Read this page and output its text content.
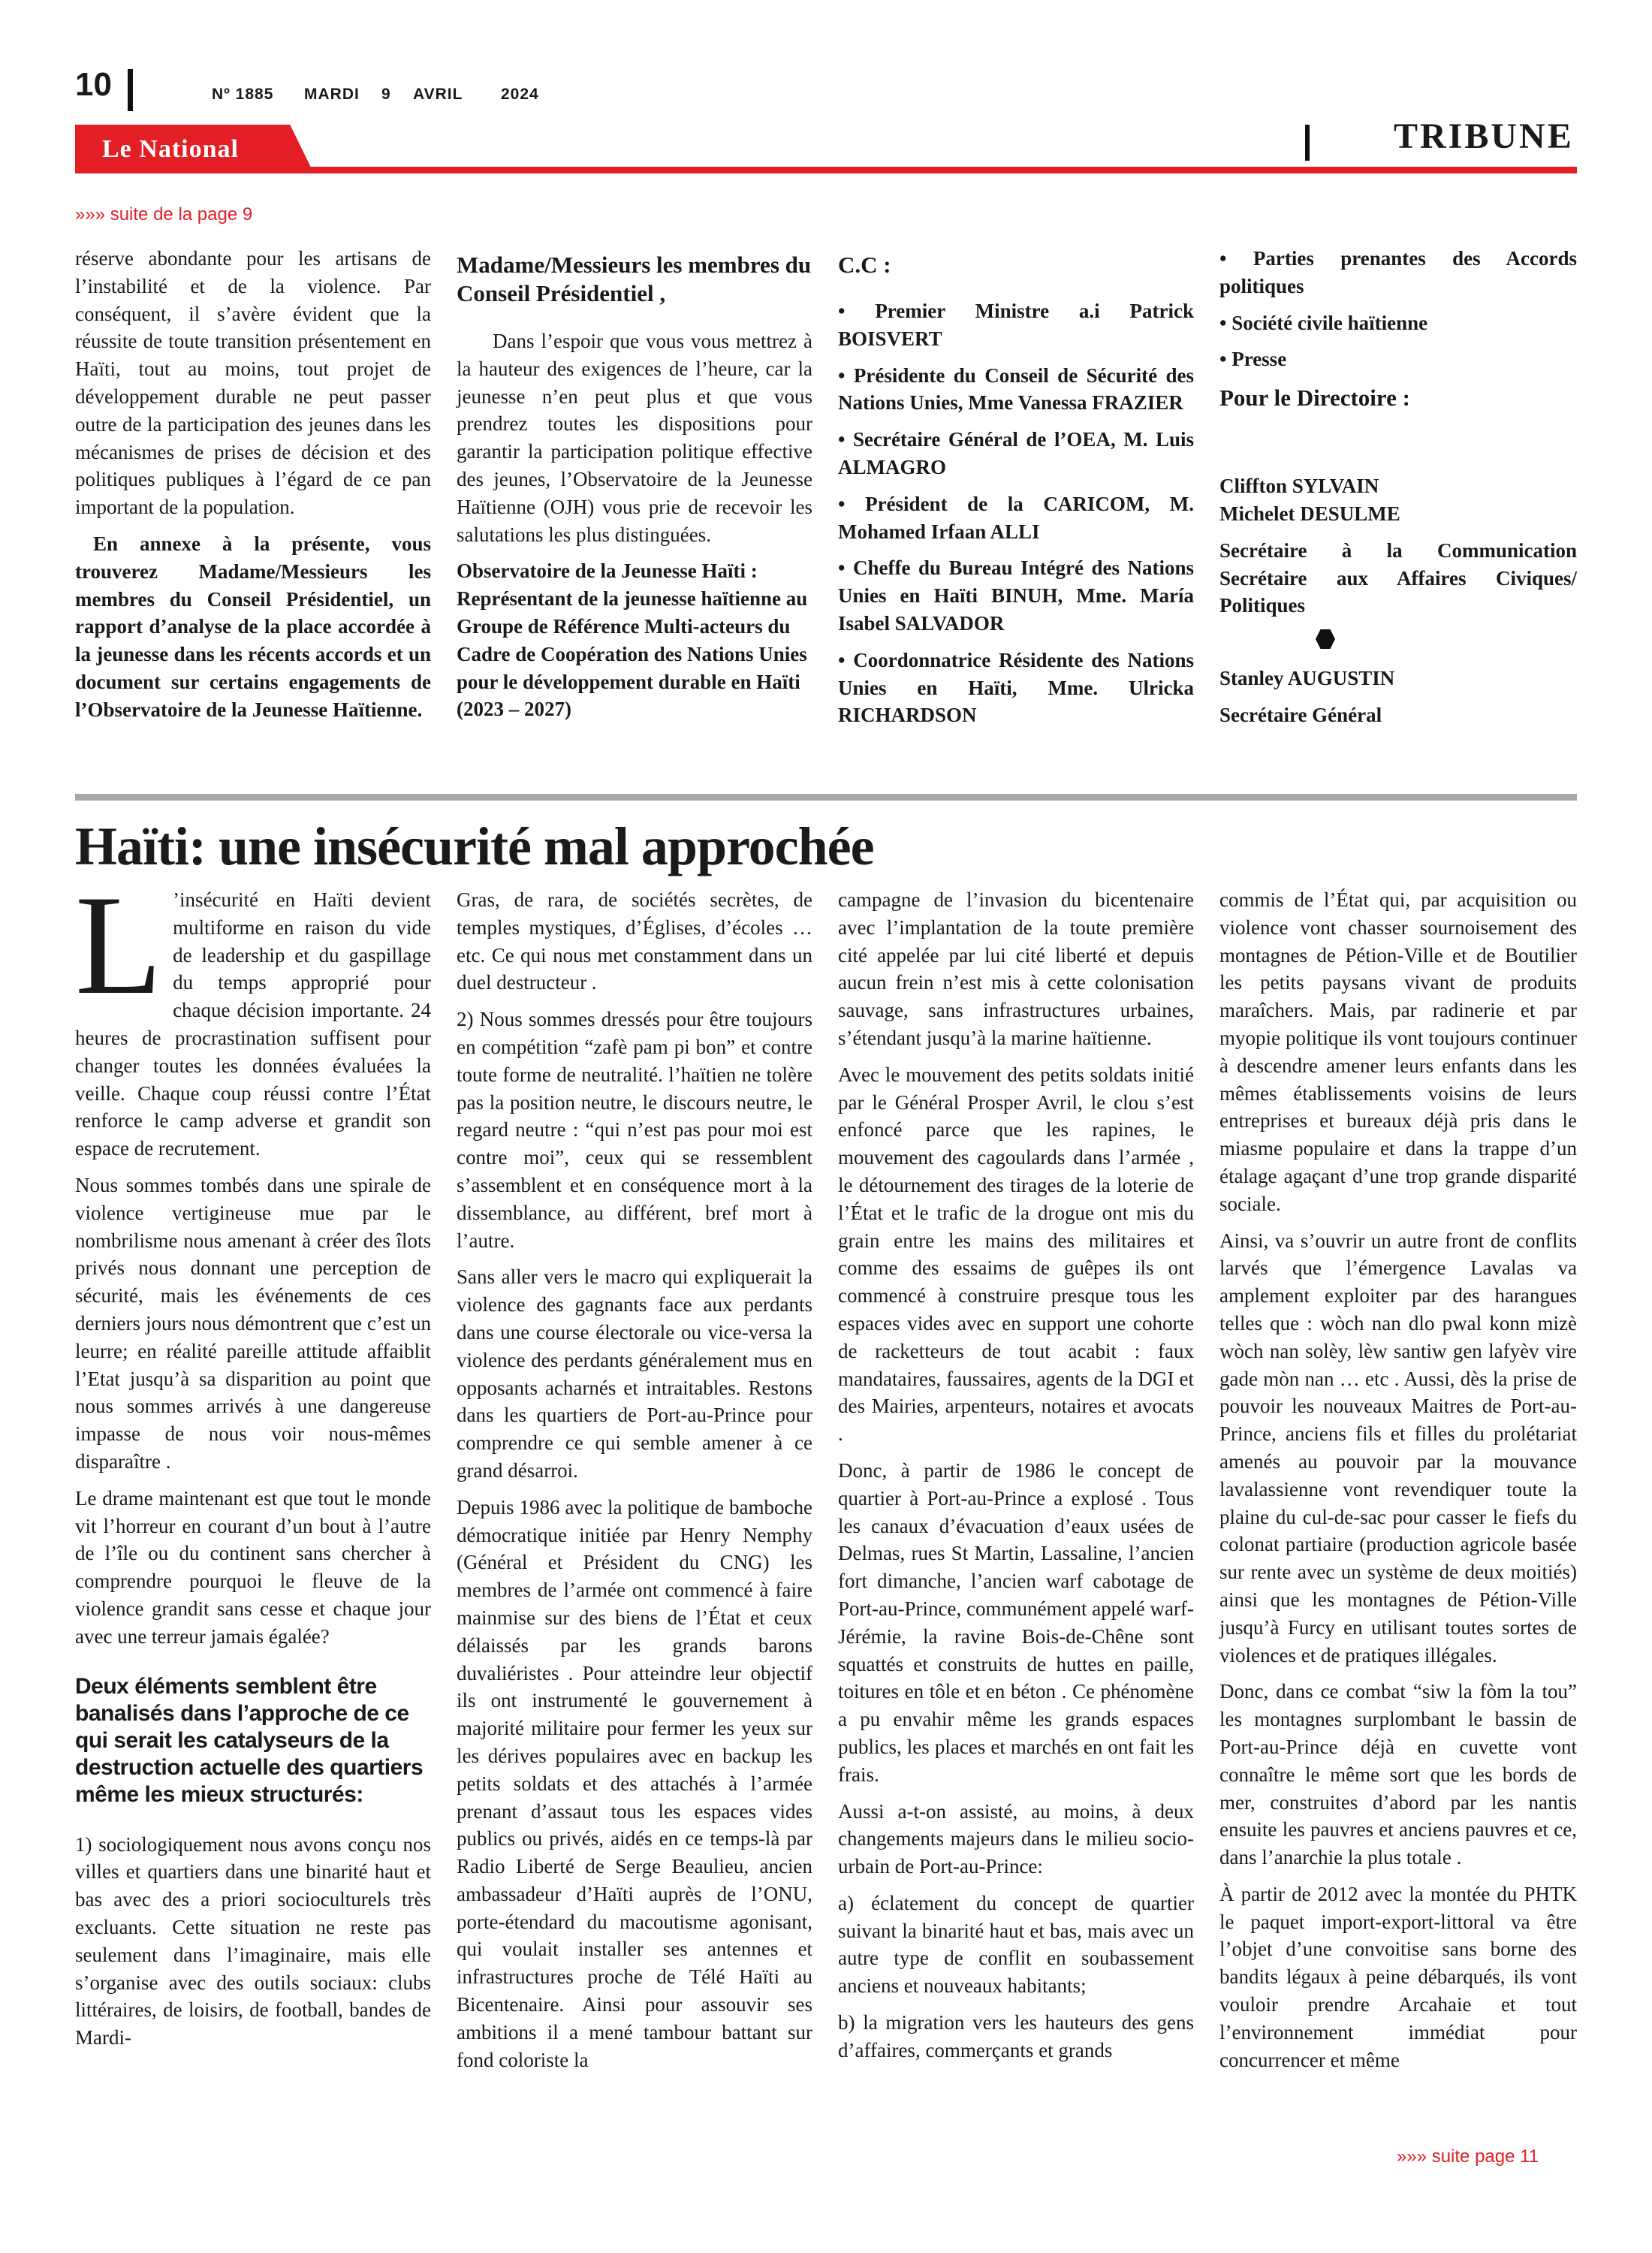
10	Nº 1885 MARDI 9 AVRIL 2024
Le National	TRIBUNE
»»» suite de la page 9

réserve abondante pour les artisans de l’instabilité et de la violence. Par conséquent, il s’avère évident que la réussite de toute transition présentement en Haïti, tout au moins, tout projet de développement durable ne peut passer outre de la participation des jeunes dans les mécanismes de prises de décision et des politiques publiques à l’égard de ce pan important de la population.

En annexe à la présente, vous trouverez Madame/Messieurs les membres du Conseil Présidentiel, un rapport d’analyse de la place accordée à la jeunesse dans les récents accords et un document sur certains engagements de l’Observatoire de la Jeunesse Haïtienne.

Madame/Messieurs les membres du Conseil Présidentiel ,

Dans l’espoir que vous vous mettrez à la hauteur des exigences de l’heure, car la jeunesse n’en peut plus et que vous prendrez toutes les dispositions pour garantir la participation politique effective des jeunes, l’Observatoire de la Jeunesse Haïtienne (OJH) vous prie de recevoir les salutations les plus distinguées.

Observatoire de la Jeunesse Haïti : Représentant de la jeunesse haïtienne au Groupe de Référence Multi-acteurs du Cadre de Coopération des Nations Unies pour le développement durable en Haïti (2023 – 2027)

C.C :
• Premier Ministre a.i Patrick BOISVERT
• Présidente du Conseil de Sécurité des Nations Unies, Mme Vanessa FRAZIER
• Secrétaire Général de l’OEA, M. Luis ALMAGRO
• Président de la CARICOM, M. Mohamed Irfaan ALLI
• Cheffe du Bureau Intégré des Nations Unies en Haïti BINUH, Mme. María Isabel SALVADOR
• Coordonnatrice Résidente des Nations Unies en Haïti, Mme. Ulricka RICHARDSON
• Parties prenantes des Accords politiques
• Société civile haïtienne
• Presse
Pour le Directoire :
Cliffton SYLVAIN
Michelet DESULME
Secrétaire à la Communication Secrétaire aux Affaires Civiques/ Politiques
Stanley AUGUSTIN
Secrétaire Général
Haïti: une insécurité mal approchée

L ’insécurité en Haïti devient multiforme en raison du vide de leadership et du gaspillage du temps approprié pour chaque décision importante. 24 heures de procrastination suffisent pour changer toutes les données évaluées la veille. Chaque coup réussi contre l’État renforce le camp adverse et grandit son espace de recrutement.

Nous sommes tombés dans une spirale de violence vertigineuse mue par le nombrilisme nous amenant à créer des îlots privés nous donnant une perception de sécurité, mais les événements de ces derniers jours nous démontrent que c’est un leurre; en réalité pareille attitude affaiblit l’Etat jusqu’à sa disparition au point que nous sommes arrivés à une dangereuse impasse de nous voir nous-mêmes disparaître .

Le drame maintenant est que tout le monde vit l’horreur en courant d’un bout à l’autre de l’île ou du continent sans chercher à comprendre pourquoi le fleuve de la violence grandit sans cesse et chaque jour avec une terreur jamais égalée?

Deux éléments semblent être banalisés dans l’approche de ce qui serait les catalyseurs de la destruction actuelle des quartiers même les mieux structurés:

1) sociologiquement nous avons conçu nos villes et quartiers dans une binarité haut et bas avec des a priori socioculturels très excluants. Cette situation ne reste pas seulement dans l’imaginaire, mais elle s’organise avec des outils sociaux: clubs littéraires, de loisirs, de football, bandes de Mardi-

Gras, de rara, de sociétés secrètes, de temples mystiques, d’Églises, d’écoles … etc. Ce qui nous met constamment dans un duel destructeur .

2) Nous sommes dressés pour être toujours en compétition “zafè pam pi bon” et contre toute forme de neutralité. l’haïtien ne tolère pas la position neutre, le discours neutre, le regard neutre : “qui n’est pas pour moi est contre moi”, ceux qui se ressemblent s’assemblent et en conséquence mort à la dissemblance, au différent, bref mort à l’autre.

Sans aller vers le macro qui expliquerait la violence des gagnants face aux perdants dans une course électorale ou vice-versa la violence des perdants généralement mus en opposants acharnés et intraitables. Restons dans les quartiers de Port-au-Prince pour comprendre ce qui semble amener à ce grand désarroi.

Depuis 1986 avec la politique de bamboche démocratique initiée par Henry Nemphy (Général et Président du CNG) les membres de l’armée ont commencé à faire mainmise sur des biens de l’État et ceux délaissés par les grands barons duvaliéristes . Pour atteindre leur objectif ils ont instrumenté le gouvernement à majorité militaire pour fermer les yeux sur les dérives populaires avec en backup les petits soldats et des attachés à l’armée prenant d’assaut tous les espaces vides publics ou privés, aidés en ce temps-là par Radio Liberté de Serge Beaulieu, ancien ambassadeur d’Haïti auprès de l’ONU, porte-étendard du macoutisme agonisant, qui voulait installer ses antennes et infrastructures proche de Télé Haïti au Bicentenaire. Ainsi pour assouvir ses ambitions il a mené tambour battant sur fond coloriste la

campagne de l’invasion du bicentenaire avec l’implantation de la toute première cité appelée par lui cité liberté et depuis aucun frein n’est mis à cette colonisation sauvage, sans infrastructures urbaines, s’étendant jusqu’à la marine haïtienne.

Avec le mouvement des petits soldats initié par le Général Prosper Avril, le clou s’est enfoncé parce que les rapines, le mouvement des cagoulards dans l’armée , le détournement des tirages de la loterie de l’État et le trafic de la drogue ont mis du grain entre les mains des militaires et comme des essaims de guêpes ils ont commencé à construire presque tous les espaces vides avec en support une cohorte de racketteurs de tout acabit : faux mandataires, faussaires, agents de la DGI et des Mairies, arpenteurs, notaires et avocats .

Donc, à partir de 1986 le concept de quartier à Port-au-Prince a explosé . Tous les canaux d’évacuation d’eaux usées de Delmas, rues St Martin, Lassaline, l’ancien fort dimanche, l’ancien warf cabotage de Port-au-Prince, communément appelé warf-Jérémie, la ravine Bois-de-Chêne sont squattés et construits de huttes en paille, toitures en tôle et en béton . Ce phénomène a pu envahir même les grands espaces publics, les places et marchés en ont fait les frais.

Aussi a-t-on assisté, au moins, à deux changements majeurs dans le milieu socio-urbain de Port-au-Prince:

a) éclatement du concept de quartier suivant la binarité haut et bas, mais avec un autre type de conflit en soubassement anciens et nouveaux habitants;

b) la migration vers les hauteurs des gens d’affaires, commerçants et grands

commis de l’État qui, par acquisition ou violence vont chasser sournoisement des montagnes de Pétion-Ville et de Boutilier les petits paysans vivant de produits maraîchers. Mais, par radinerie et par myopie politique ils vont toujours continuer à descendre amener leurs enfants dans les mêmes établissements voisins de leurs entreprises et bureaux déjà pris dans le miasme populaire et dans la trappe d’un étalage agaçant d’une trop grande disparité sociale.

Ainsi, va s’ouvrir un autre front de conflits larvés que l’émergence Lavalas va amplement exploiter par des harangues telles que : wòch nan dlo pwal konn mizè wòch nan solèy, lèw santiw gen lafyèv vire gade mòn nan … etc . Aussi, dès la prise de pouvoir les nouveaux Maitres de Port-au-Prince, anciens fils et filles du prolétariat amenés au pouvoir par la mouvance lavalassienne vont revendiquer toute la plaine du cul-de-sac pour casser le fiefs du colonat partiaire (production agricole basée sur rente avec un système de deux moitiés) ainsi que les montagnes de Pétion-Ville jusqu’à Furcy en utilisant toutes sortes de violences et de pratiques illégales.

Donc, dans ce combat “siw la fòm la tou” les montagnes surplombant le bassin de Port-au-Prince déjà en cuvette vont connaître le même sort que les bords de mer, construites d’abord par les nantis ensuite les pauvres et anciens pauvres et ce, dans l’anarchie la plus totale .

À partir de 2012 avec la montée du PHTK le paquet import-export-littoral va être l’objet d’une convoitise sans borne des bandits légaux à peine débarqués, ils vont vouloir prendre Arcahaie et tout l’environnement immédiat pour concurrencer et même

»»» suite page 11
